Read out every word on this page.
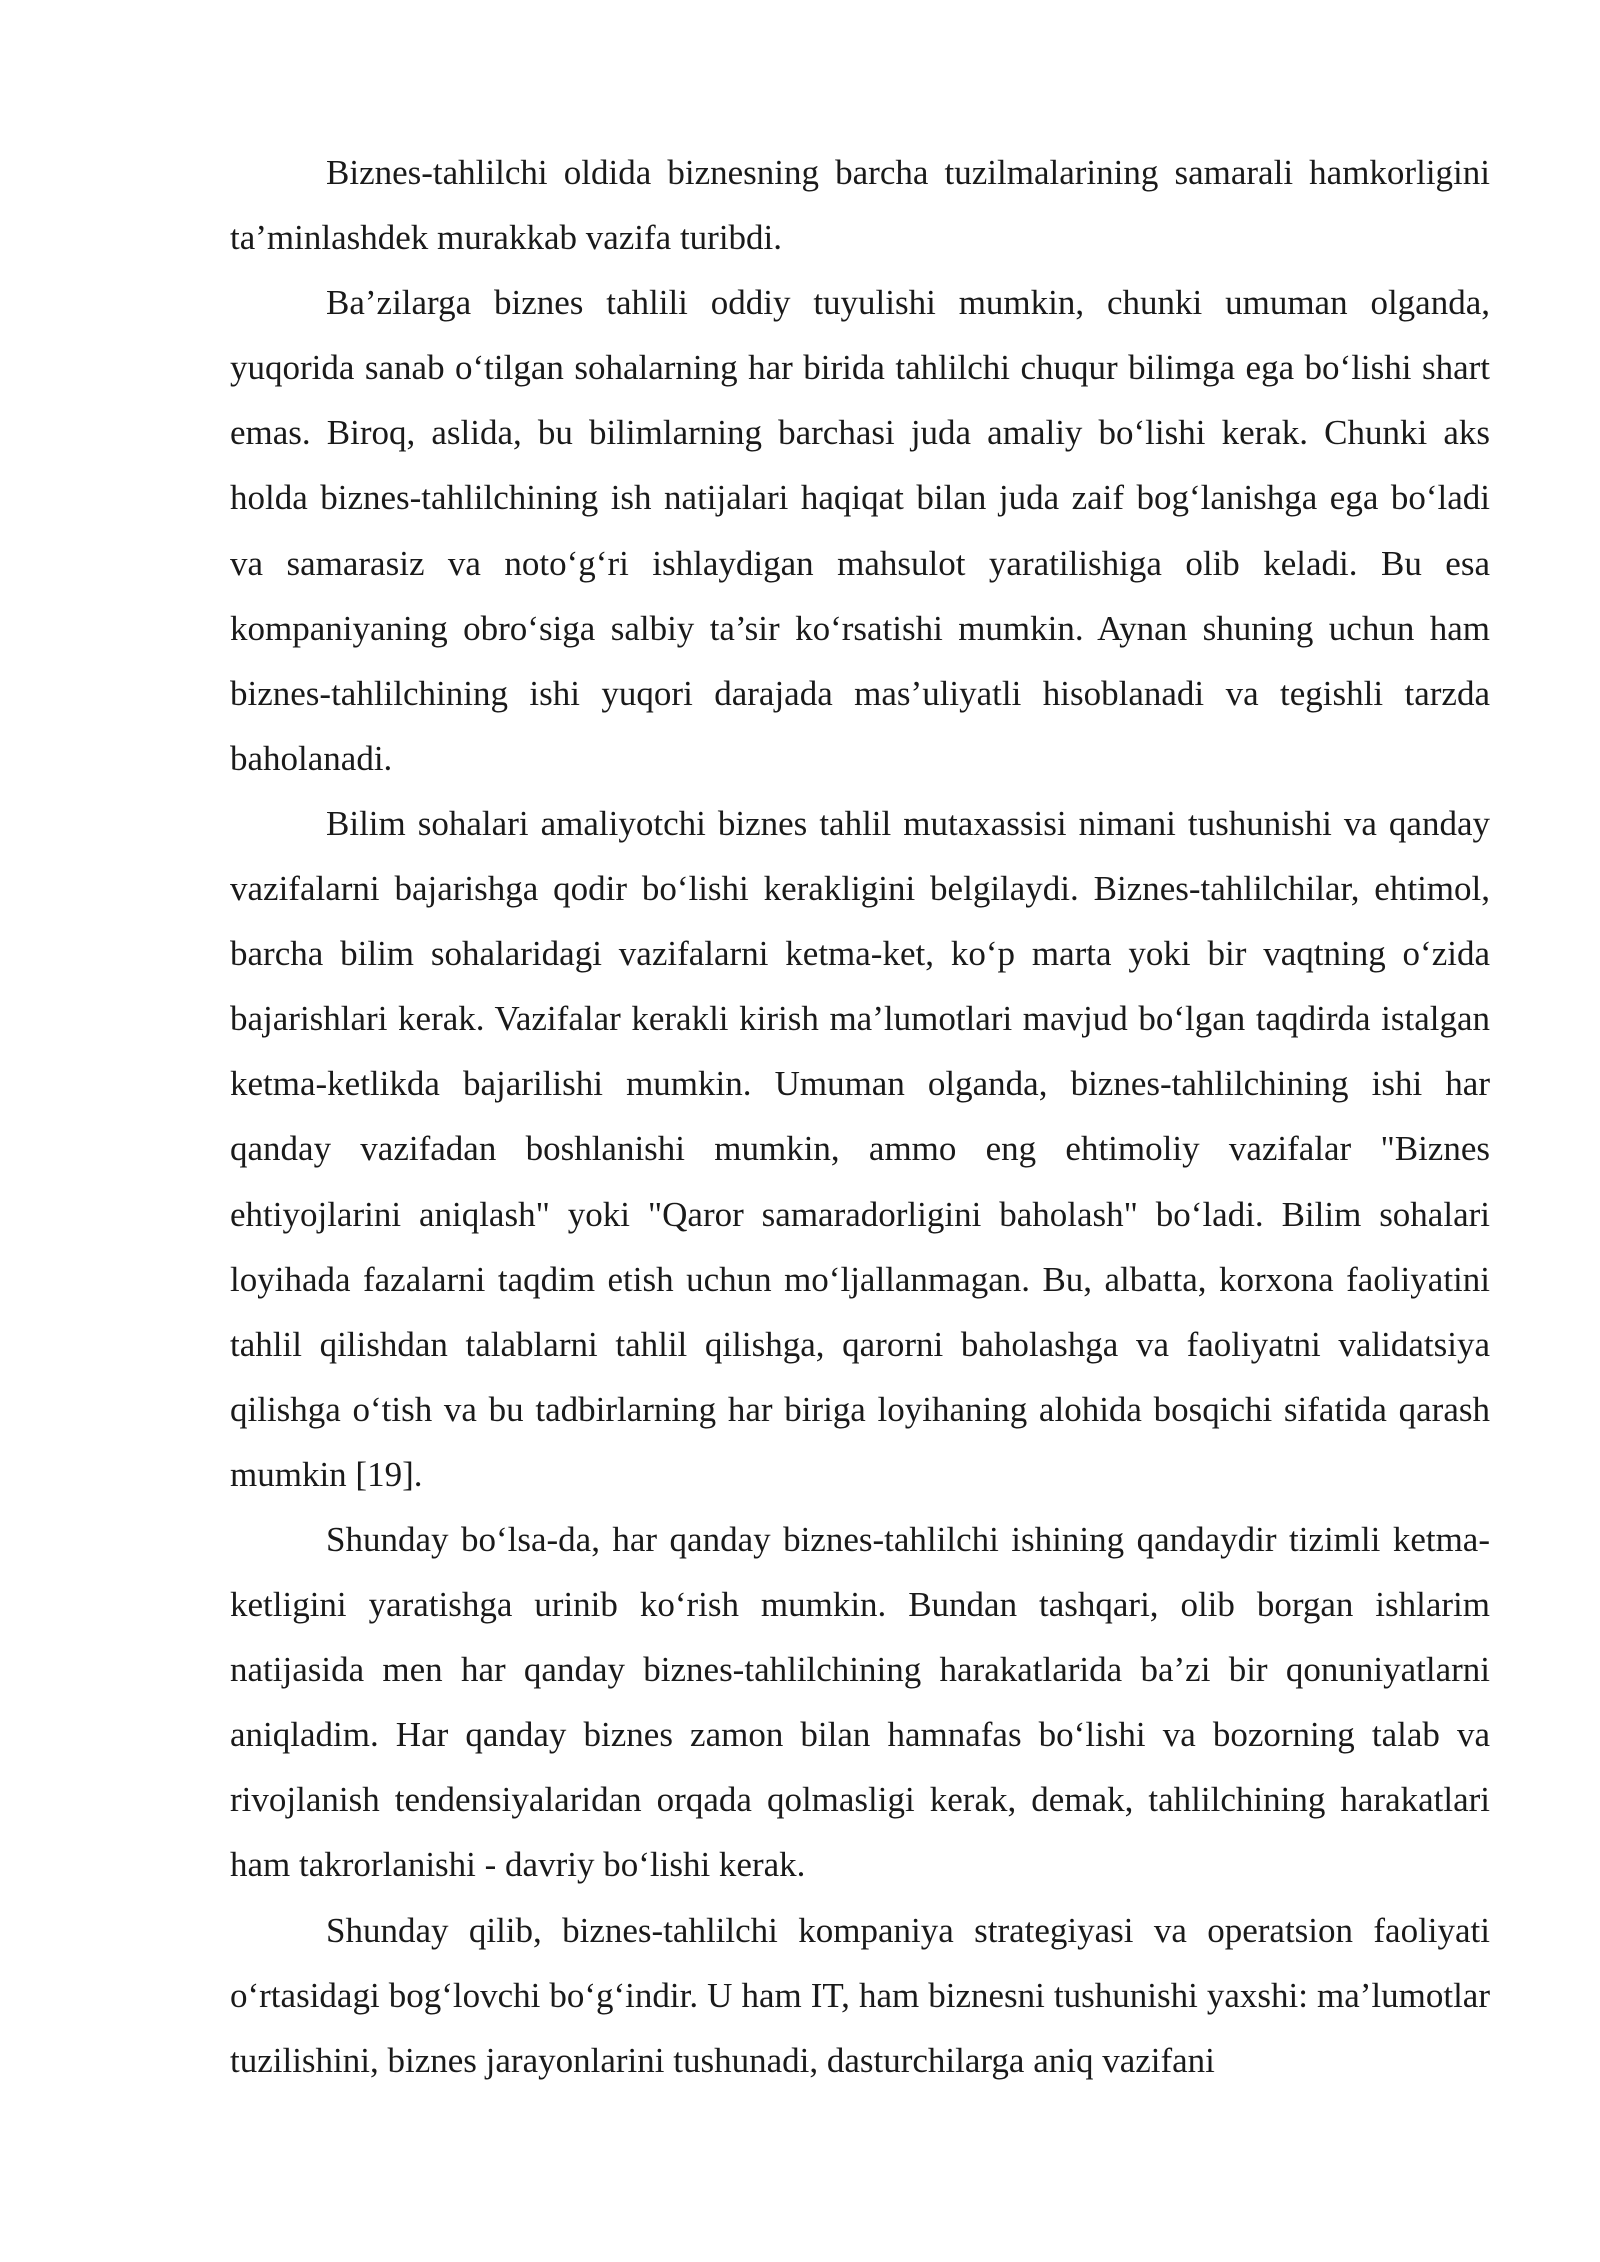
Biznes-tahlilchi oldida biznesning barcha tuzilmalarining samarali hamkorligini ta’minlashdek murakkab vazifa turibdi.

Ba’zilarga biznes tahlili oddiy tuyulishi mumkin, chunki umuman olganda, yuqorida sanab o‘tilgan sohalarning har birida tahlilchi chuqur bilimga ega bo‘lishi shart emas. Biroq, aslida, bu bilimlarning barchasi juda amaliy bo‘lishi kerak. Chunki aks holda biznes-tahlilchining ish natijalari haqiqat bilan juda zaif bog‘lanishga ega bo‘ladi va samarasiz va noto‘g‘ri ishlaydigan mahsulot yaratilishiga olib keladi. Bu esa kompaniyaning obro‘siga salbiy ta’sir ko‘rsatishi mumkin. Aynan shuning uchun ham biznes-tahlilchining ishi yuqori darajada mas’uliyatli hisoblanadi va tegishli tarzda baholanadi.

Bilim sohalari amaliyotchi biznes tahlil mutaxassisi nimani tushunishi va qanday vazifalarni bajarishga qodir bo‘lishi kerakligini belgilaydi. Biznes-tahlilchilar, ehtimol, barcha bilim sohalaridagi vazifalarni ketma-ket, ko‘p marta yoki bir vaqtning o‘zida bajarishlari kerak. Vazifalar kerakli kirish ma’lumotlari mavjud bo‘lgan taqdirda istalgan ketma-ketlikda bajarilishi mumkin. Umuman olganda, biznes-tahlilchining ishi har qanday vazifadan boshlanishi mumkin, ammo eng ehtimoliy vazifalar "Biznes ehtiyojlarini aniqlash" yoki "Qaror samaradorligini baholash" bo‘ladi. Bilim sohalari loyihada fazalarni taqdim etish uchun mo‘ljallanmagan. Bu, albatta, korxona faoliyatini tahlil qilishdan talablarni tahlil qilishga, qarorni baholashga va faoliyatni validatsiya qilishga o‘tish va bu tadbirlarning har biriga loyihaning alohida bosqichi sifatida qarash mumkin [19].

Shunday bo‘lsa-da, har qanday biznes-tahlilchi ishining qandaydir tizimli ketma-ketligini yaratishga urinib ko‘rish mumkin. Bundan tashqari, olib borgan ishlarim natijasida men har qanday biznes-tahlilchining harakatlarida ba’zi bir qonuniyatlarni aniqladim. Har qanday biznes zamon bilan hamnafas bo‘lishi va bozorning talab va rivojlanish tendensiyalaridan orqada qolmasligi kerak, demak, tahlilchining harakatlari ham takrorlanishi - davriy bo‘lishi kerak.

Shunday qilib, biznes-tahlilchi kompaniya strategiyasi va operatsion faoliyati o‘rtasidagi bog‘lovchi bo‘g‘indir. U ham IT, ham biznesni tushunishi yaxshi: ma’lumotlar tuzilishini, biznes jarayonlarini tushunadi, dasturchilarga aniq vazifani
